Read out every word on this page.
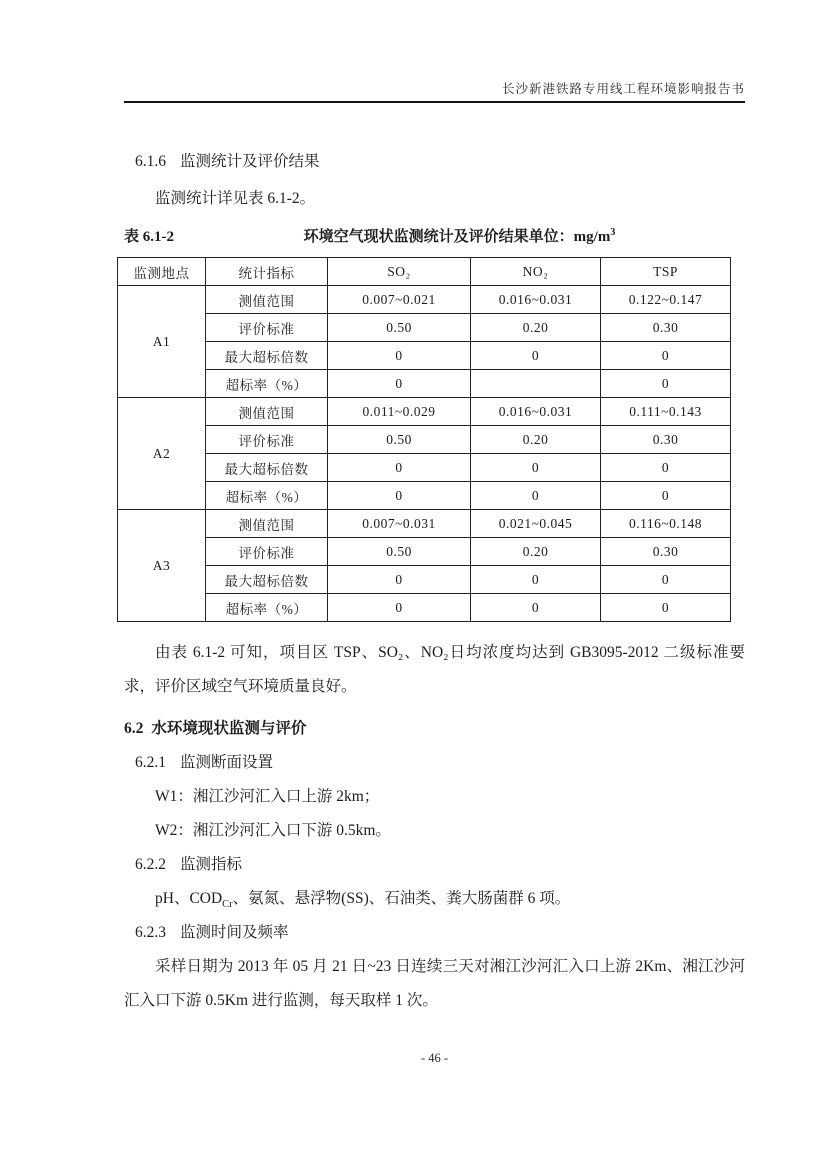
长沙新港铁路专用线工程环境影响报告书
6.1.6 监测统计及评价结果
监测统计详见表 6.1-2。
表 6.1-2	环境空气现状监测统计及评价结果单位：$mg/m^3$
监测地点	统计指标	SO₂	NO₂	TSP
A1	测值范围	0.007~0.021	0.016~0.031	0.122~0.147
	评价标准	0.50	0.20	0.30
	最大超标倍数	0	0	0
	超标率（%）	0		0
A2	测值范围	0.011~0.029	0.016~0.031	0.111~0.143
	评价标准	0.50	0.20	0.30
	最大超标倍数	0	0	0
	超标率（%）	0	0	0
A3	测值范围	0.007~0.031	0.021~0.045	0.116~0.148
	评价标准	0.50	0.20	0.30
	最大超标倍数	0	0	0
	超标率（%）	0	0	0
由表 6.1-2 可知，项目区 TSP、SO₂、NO₂日均浓度均达到 GB3095-2012 二级标准要求，评价区域空气环境质量良好。
6.2 水环境现状监测与评价
6.2.1 监测断面设置
W1：湘江沙河汇入口上游 2km；
W2：湘江沙河汇入口下游 0.5km。
6.2.2 监测指标
pH、$COD_{Cr}$、氨氮、悬浮物(SS)、石油类、粪大肠菌群 6 项。
6.2.3 监测时间及频率
采样日期为 2013 年 05 月 21 日~23 日连续三天对湘江沙河汇入口上游 2Km、湘江沙河汇入口下游 0.5Km 进行监测，每天取样 1 次。
- 46 -
